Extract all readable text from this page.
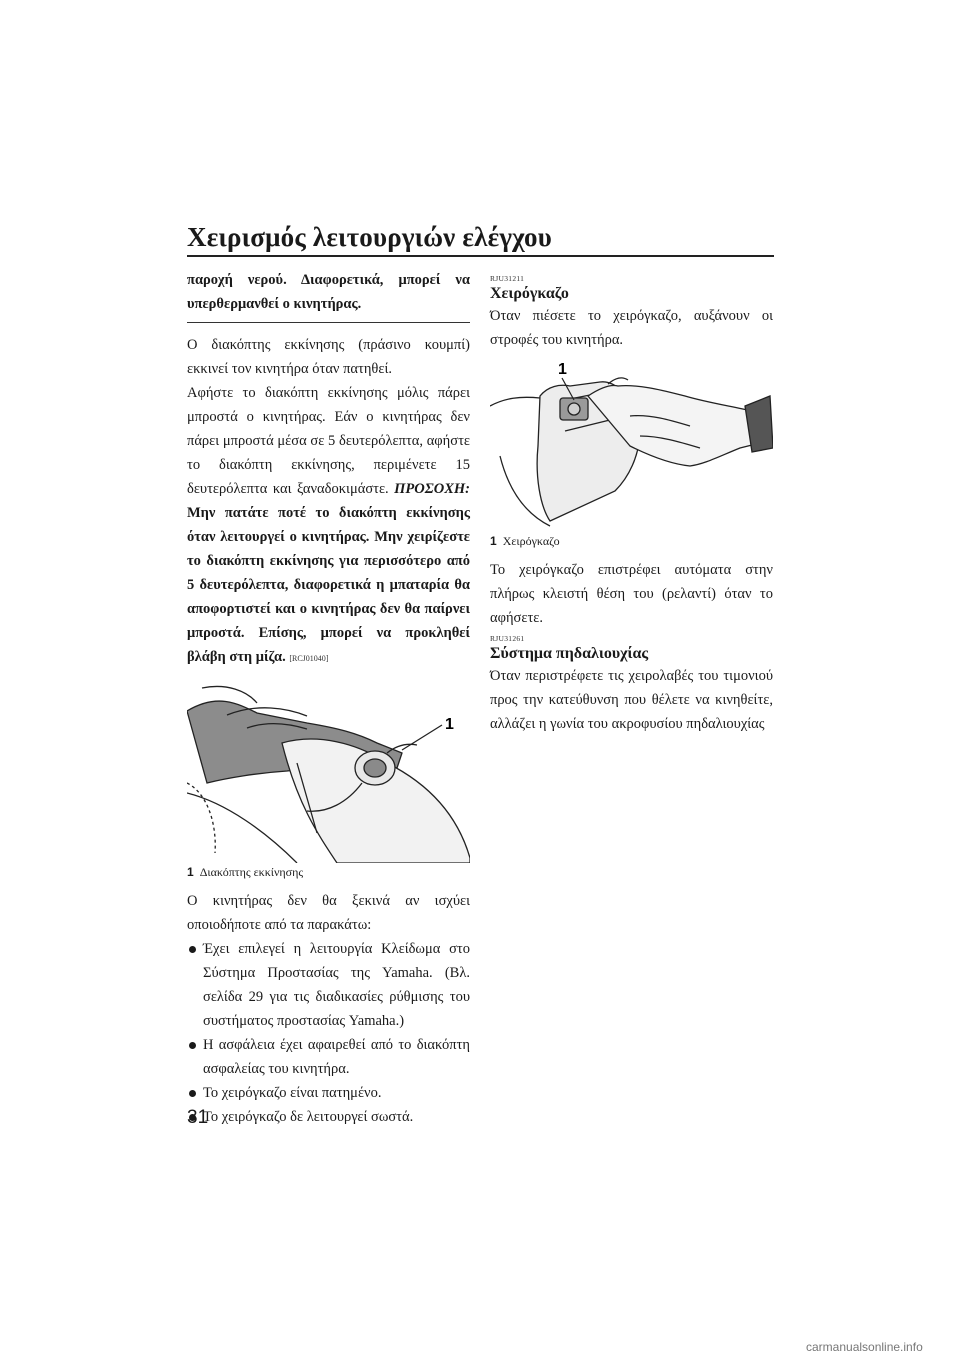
Χειρισμός λειτουργιών ελέγχου

παροχή νερού. Διαφορετικά, μπορεί να υπερθερμανθεί ο κινητήρας.

Ο διακόπτης εκκίνησης (πράσινο κουμπί) εκκινεί τον κινητήρα όταν πατηθεί.

Αφήστε το διακόπτη εκκίνησης μόλις πάρει μπροστά ο κινητήρας. Εάν ο κινητήρας δεν πάρει μπροστά μέσα σε 5 δευτερόλεπτα, αφήστε το διακόπτη εκκίνησης, περιμένετε 15 δευτερόλεπτα και ξαναδοκιμάστε. ΠΡΟΣΟΧΗ: Μην πατάτε ποτέ το διακόπτη εκκίνησης όταν λειτουργεί ο κινητήρας. Μην χειρίζεστε το διακόπτη εκκίνησης για περισσότερο από 5 δευτερόλεπτα, διαφορετικά η μπαταρία θα αποφορτιστεί και ο κινητήρας δεν θα παίρνει μπροστά. Επίσης, μπορεί να προκληθεί βλάβη στη μίζα. [RCJ01040]

1
1 Διακόπτης εκκίνησης

Ο κινητήρας δεν θα ξεκινά αν ισχύει οποιοδήποτε από τα παρακάτω:

Έχει επιλεγεί η λειτουργία Κλείδωμα στο Σύστημα Προστασίας της Yamaha. (Βλ. σελίδα 29 για τις διαδικασίες ρύθμισης του συστήματος προστασίας Yamaha.)
Η ασφάλεια έχει αφαιρεθεί από το διακόπτη ασφαλείας του κινητήρα.
Το χειρόγκαζο είναι πατημένο.
Το χειρόγκαζο δε λειτουργεί σωστά.
RJU31211
Χειρόγκαζο

Όταν πιέσετε το χειρόγκαζο, αυξάνουν οι στροφές του κινητήρα.

1
1 Χειρόγκαζο

Το χειρόγκαζο επιστρέφει αυτόματα στην πλήρως κλειστή θέση του (ρελαντί) όταν το αφήσετε.

RJU31261
Σύστημα πηδαλιουχίας

Όταν περιστρέφετε τις χειρολαβές του τιμονιού προς την κατεύθυνση που θέλετε να κινηθείτε, αλλάζει η γωνία του ακροφυσίου πηδαλιουχίας

31
carmanualsonline.info
